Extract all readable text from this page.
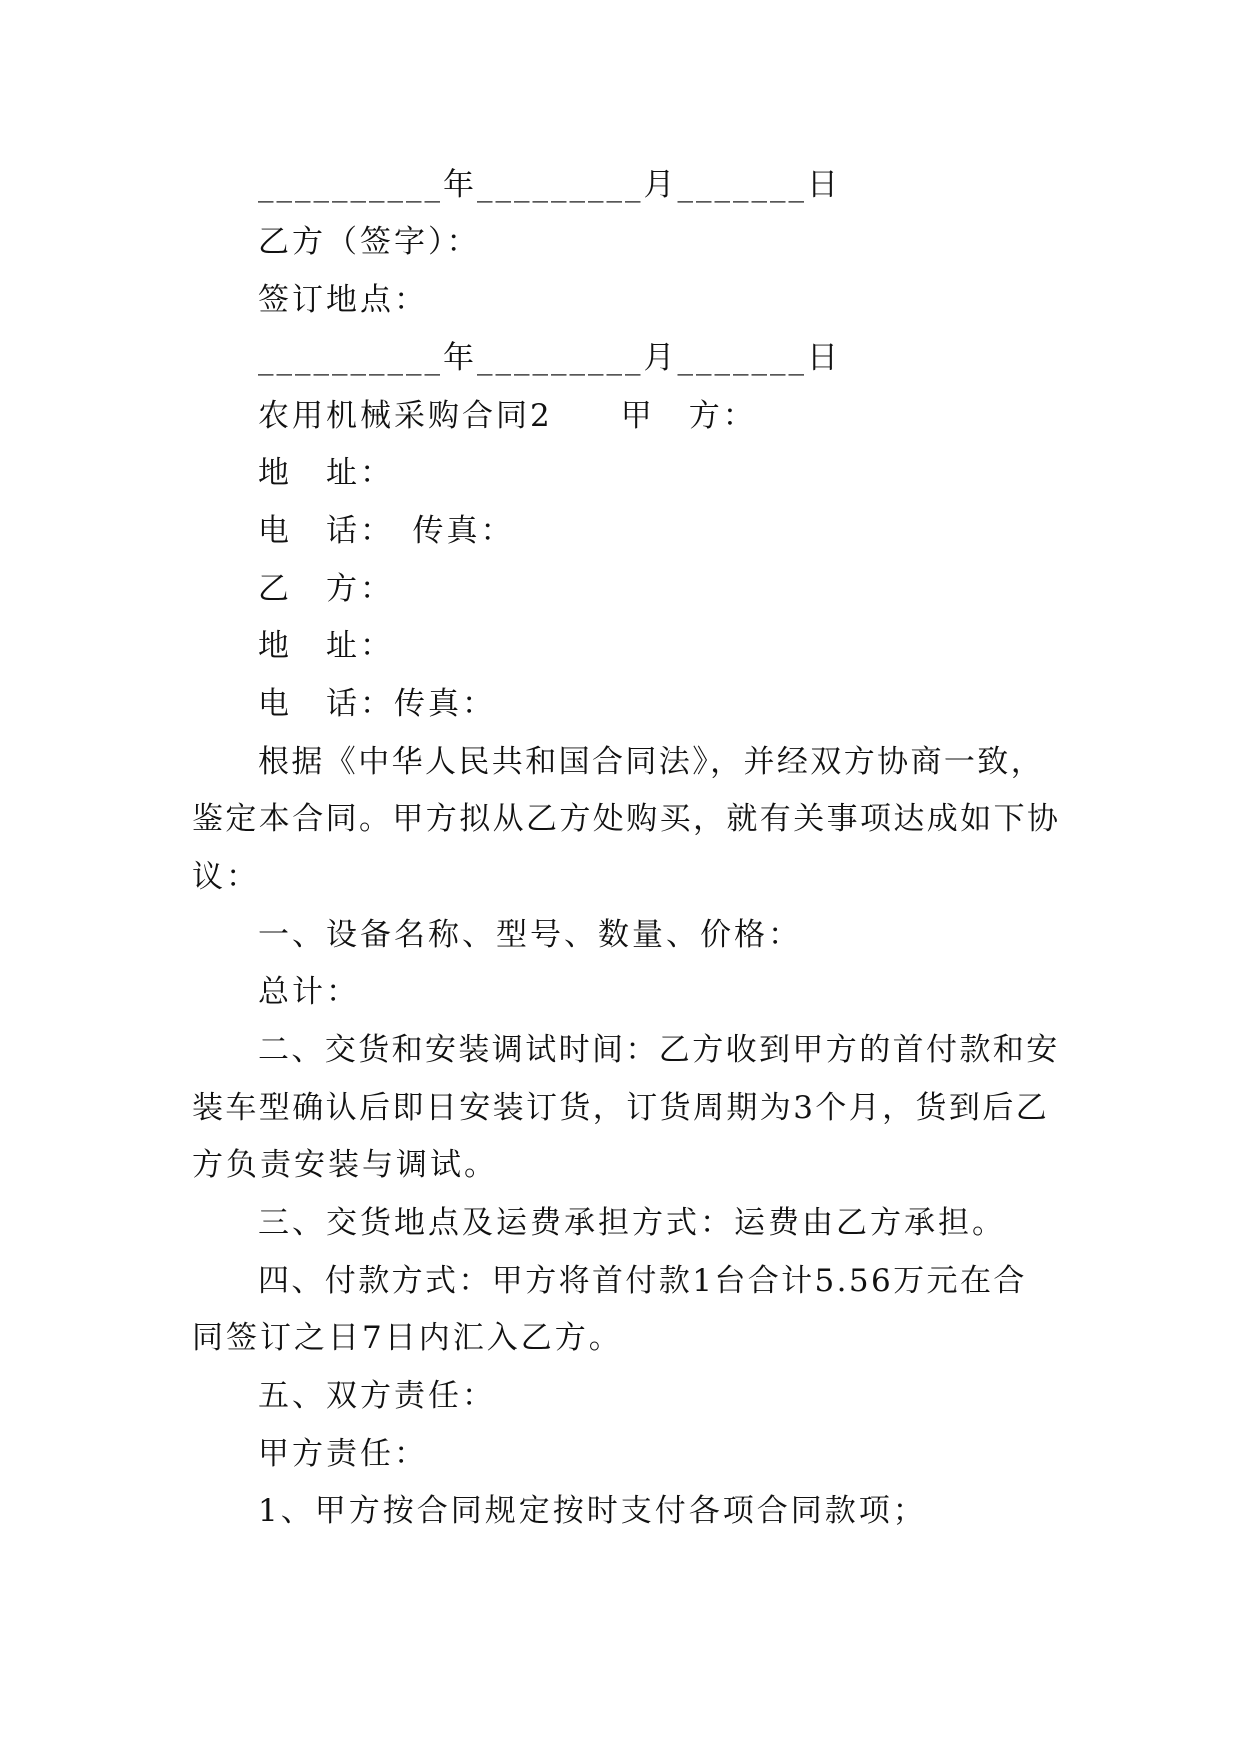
__________年_________月_______日
乙方（签字）：
签订地点：
__________年_________月_______日
农用机械采购合同2　　甲　方：
地　址：
电　话：　传真：
乙　方：
地　址：
电　话：传真：
根据《中华人民共和国合同法》，并经双方协商一致，
鉴定本合同。甲方拟从乙方处购买，就有关事项达成如下协
议：
一、设备名称、型号、数量、价格：
总计：
二、交货和安装调试时间：乙方收到甲方的首付款和安
装车型确认后即日安装订货，订货周期为3个月，货到后乙
方负责安装与调试。
三、交货地点及运费承担方式：运费由乙方承担。
四、付款方式：甲方将首付款1台合计5.56万元在合
同签订之日7日内汇入乙方。
五、双方责任：
甲方责任：
1、甲方按合同规定按时支付各项合同款项；
